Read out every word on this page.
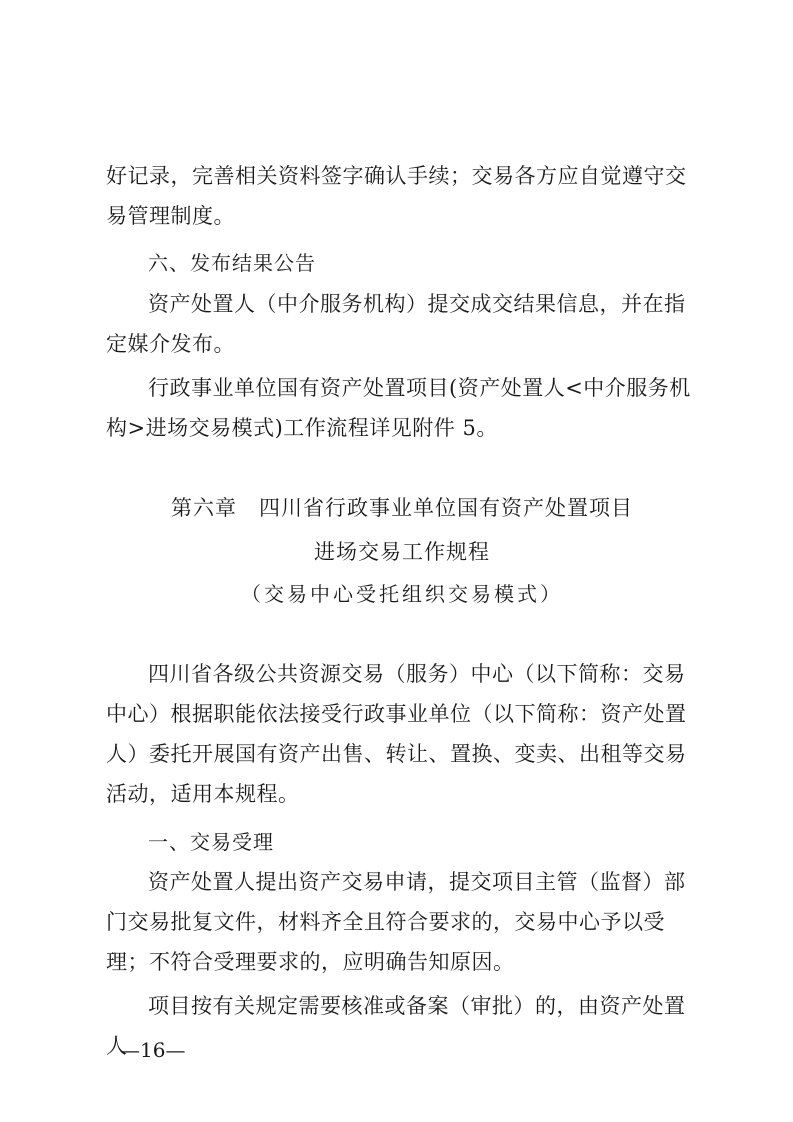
好记录，完善相关资料签字确认手续；交易各方应自觉遵守交易管理制度。

六、发布结果公告

资产处置人（中介服务机构）提交成交结果信息，并在指定媒介发布。

行政事业单位国有资产处置项目(资产处置人<中介服务机构>进场交易模式)工作流程详见附件 5。

第六章　四川省行政事业单位国有资产处置项目

进场交易工作规程

（交易中心受托组织交易模式）

四川省各级公共资源交易（服务）中心（以下简称：交易中心）根据职能依法接受行政事业单位（以下简称：资产处置人）委托开展国有资产出售、转让、置换、变卖、出租等交易活动，适用本规程。

一、交易受理

资产处置人提出资产交易申请，提交项目主管（监督）部门交易批复文件，材料齐全且符合要求的，交易中心予以受理；不符合受理要求的，应明确告知原因。

项目按有关规定需要核准或备案（审批）的，由资产处置人

—16—
